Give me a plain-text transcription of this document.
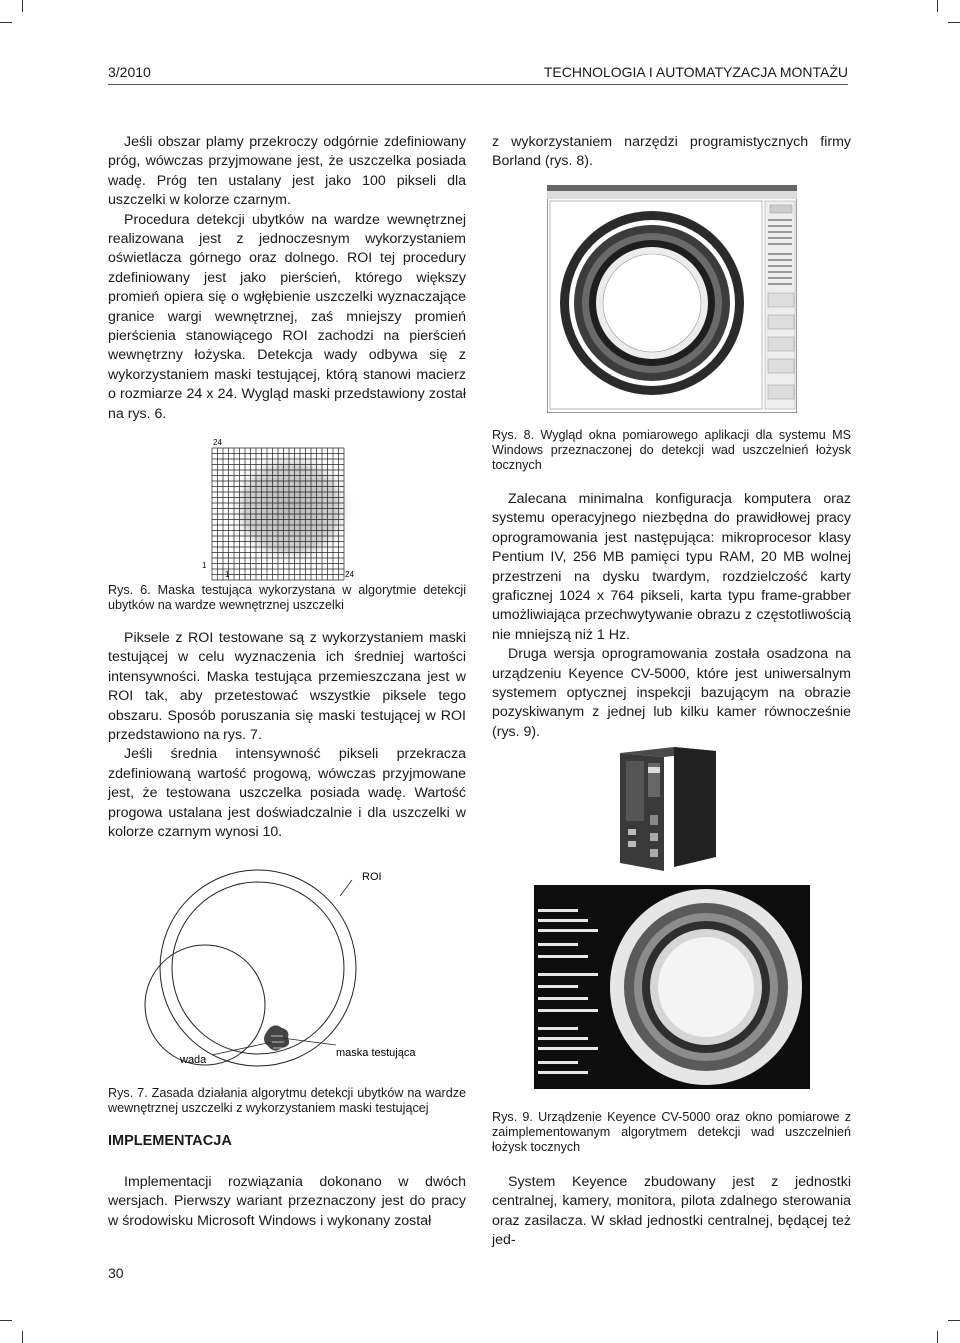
3/2010	TECHNOLOGIA I AUTOMATYZACJA MONTAŻU

Jeśli obszar plamy przekroczy odgórnie zdefiniowany próg, wówczas przyjmowane jest, że uszczelka posiada wadę. Próg ten ustalany jest jako 100 pikseli dla uszczelki w kolorze czarnym.

Procedura detekcji ubytków na wardze wewnętrznej realizowana jest z jednoczesnym wykorzystaniem oświetlacza górnego oraz dolnego. ROI tej procedury zdefiniowany jest jako pierścień, którego większy promień opiera się o wgłębienie uszczelki wyznaczające granice wargi wewnętrznej, zaś mniejszy promień pierścienia stanowiącego ROI zachodzi na pierścień wewnętrzny łożyska. Detekcja wady odbywa się z wykorzystaniem maski testującej, którą stanowi macierz o rozmiarze 24 x 24. Wygląd maski przedstawiony został na rys. 6.

24
1
1	24
Rys. 6. Maska testująca wykorzystana w algorytmie detekcji ubytków na wardze wewnętrznej uszczelki

Piksele z ROI testowane są z wykorzystaniem maski testującej w celu wyznaczenia ich średniej wartości intensywności. Maska testująca przemieszczana jest w ROI tak, aby przetestować wszystkie piksele tego obszaru. Sposób poruszania się maski testującej w ROI przedstawiono na rys. 7.

Jeśli średnia intensywność pikseli przekracza zdefiniowaną wartość progową, wówczas przyjmowane jest, że testowana uszczelka posiada wadę. Wartość progowa ustalana jest doświadczalnie i dla uszczelki w kolorze czarnym wynosi 10.

ROI
wada
maska testująca
Rys. 7. Zasada działania algorytmu detekcji ubytków na wardze wewnętrznej uszczelki z wykorzystaniem maski testującej
IMPLEMENTACJA

Implementacji rozwiązania dokonano w dwóch wersjach. Pierwszy wariant przeznaczony jest do pracy w środowisku Microsoft Windows i wykonany został

z wykorzystaniem narzędzi programistycznych firmy Borland (rys. 8).

Rys. 8. Wygląd okna pomiarowego aplikacji dla systemu MS Windows przeznaczonej do detekcji wad uszczelnień łożysk tocznych

Zalecana minimalna konfiguracja komputera oraz systemu operacyjnego niezbędna do prawidłowej pracy oprogramowania jest następująca: mikroprocesor klasy Pentium IV, 256 MB pamięci typu RAM, 20 MB wolnej przestrzeni na dysku twardym, rozdzielczość karty graficznej 1024 x 764 pikseli, karta typu frame-grabber umożliwiająca przechwytywanie obrazu z częstotliwością nie mniejszą niż 1 Hz.

Druga wersja oprogramowania została osadzona na urządzeniu Keyence CV-5000, które jest uniwersalnym systemem optycznej inspekcji bazującym na obrazie pozyskiwanym z jednej lub kilku kamer równocześnie (rys. 9).

Rys. 9. Urządzenie Keyence CV-5000 oraz okno pomiarowe z zaimplementowanym algorytmem detekcji wad uszczelnień łożysk tocznych

System Keyence zbudowany jest z jednostki centralnej, kamery, monitora, pilota zdalnego sterowania oraz zasilacza. W skład jednostki centralnej, będącej też jed-

30
